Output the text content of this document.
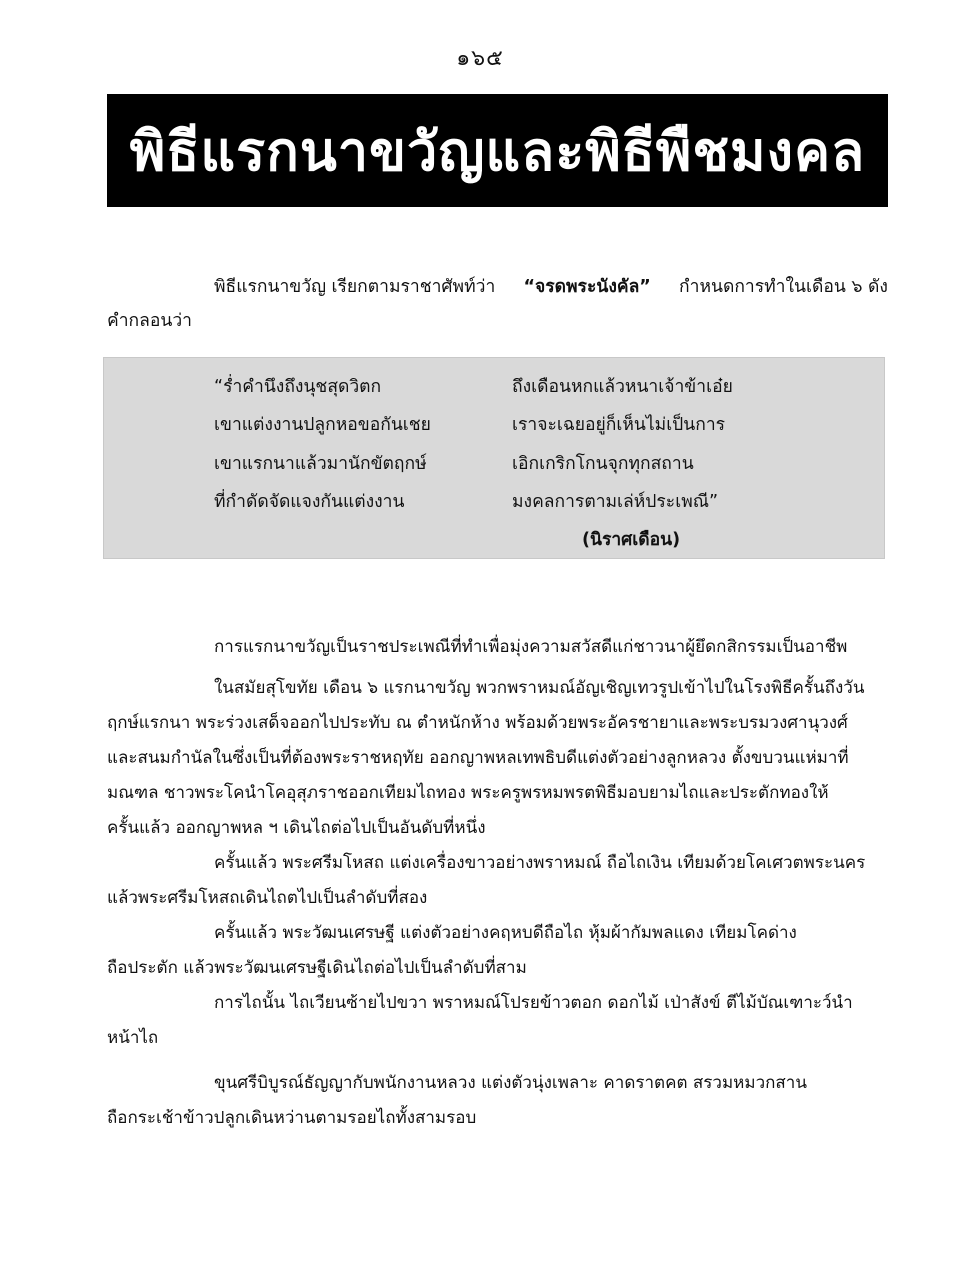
๑๖๕
พิธีแรกนาขวัญและพิธีพืชมงคล
พิธีแรกนาขวัญ เรียกตามราชาศัพท์ว่า “จรดพระนังคัล” กำหนดการทำในเดือน ๖ ดัง
คำกลอนว่า
“ร่ำคำนึงถึงนุชสุดวิตก	ถึงเดือนหกแล้วหนาเจ้าข้าเอ๋ย
เขาแต่งงานปลูกหอขอกันเชย	เราจะเฉยอยู่ก็เห็นไม่เป็นการ
เขาแรกนาแล้วมานักขัตฤกษ์	เอิกเกริกโกนจุกทุกสถาน
ที่กำดัดจัดแจงกันแต่งงาน	มงคลการตามเล่ห์ประเพณี”
(นิราศเดือน)

การแรกนาขวัญเป็นราชประเพณีที่ทำเพื่อมุ่งความสวัสดีแก่ชาวนาผู้ยึดกสิกรรมเป็นอาชีพ

ในสมัยสุโขทัย เดือน ๖ แรกนาขวัญ พวกพราหมณ์อัญเชิญเทวรูปเข้าไปในโรงพิธีครั้นถึงวัน
ฤกษ์แรกนา พระร่วงเสด็จออกไปประทับ ณ ตำหนักห้าง พร้อมด้วยพระอัครชายาและพระบรมวงศานุวงศ์
และสนมกำนัลในซึ่งเป็นที่ต้องพระราชหฤทัย ออกญาพหลเทพธิบดีแต่งตัวอย่างลูกหลวง ตั้งขบวนแห่มาที่
มณฑล ชาวพระโคนำโคอุสุภราชออกเทียมไถทอง พระครูพรหมพรตพิธีมอบยามไถและประตักทองให้
ครั้นแล้ว ออกญาพหล ฯ เดินไถต่อไปเป็นอันดับที่หนึ่ง

ครั้นแล้ว พระศรีมโหสถ แต่งเครื่องขาวอย่างพราหมณ์ ถือไถเงิน เทียมด้วยโคเศวตพระนคร
แล้วพระศรีมโหสถเดินไถตไปเป็นลำดับที่สอง

ครั้นแล้ว พระวัฒนเศรษฐี แต่งตัวอย่างคฤหบดีถือไถ หุ้มผ้ากัมพลแดง เทียมโคด่าง
ถือประตัก แล้วพระวัฒนเศรษฐีเดินไถต่อไปเป็นลำดับที่สาม

การไถนั้น ไถเวียนซ้ายไปขวา พราหมณ์โปรยข้าวตอก ดอกไม้ เป่าสังข์ ตีไม้บัณเฑาะว์นำ
หน้าไถ

ขุนศรีบิบูรณ์ธัญญากับพนักงานหลวง แต่งตัวนุ่งเพลาะ คาดราตคต สรวมหมวกสาน
ถือกระเช้าข้าวปลูกเดินหว่านตามรอยไถทั้งสามรอบ
